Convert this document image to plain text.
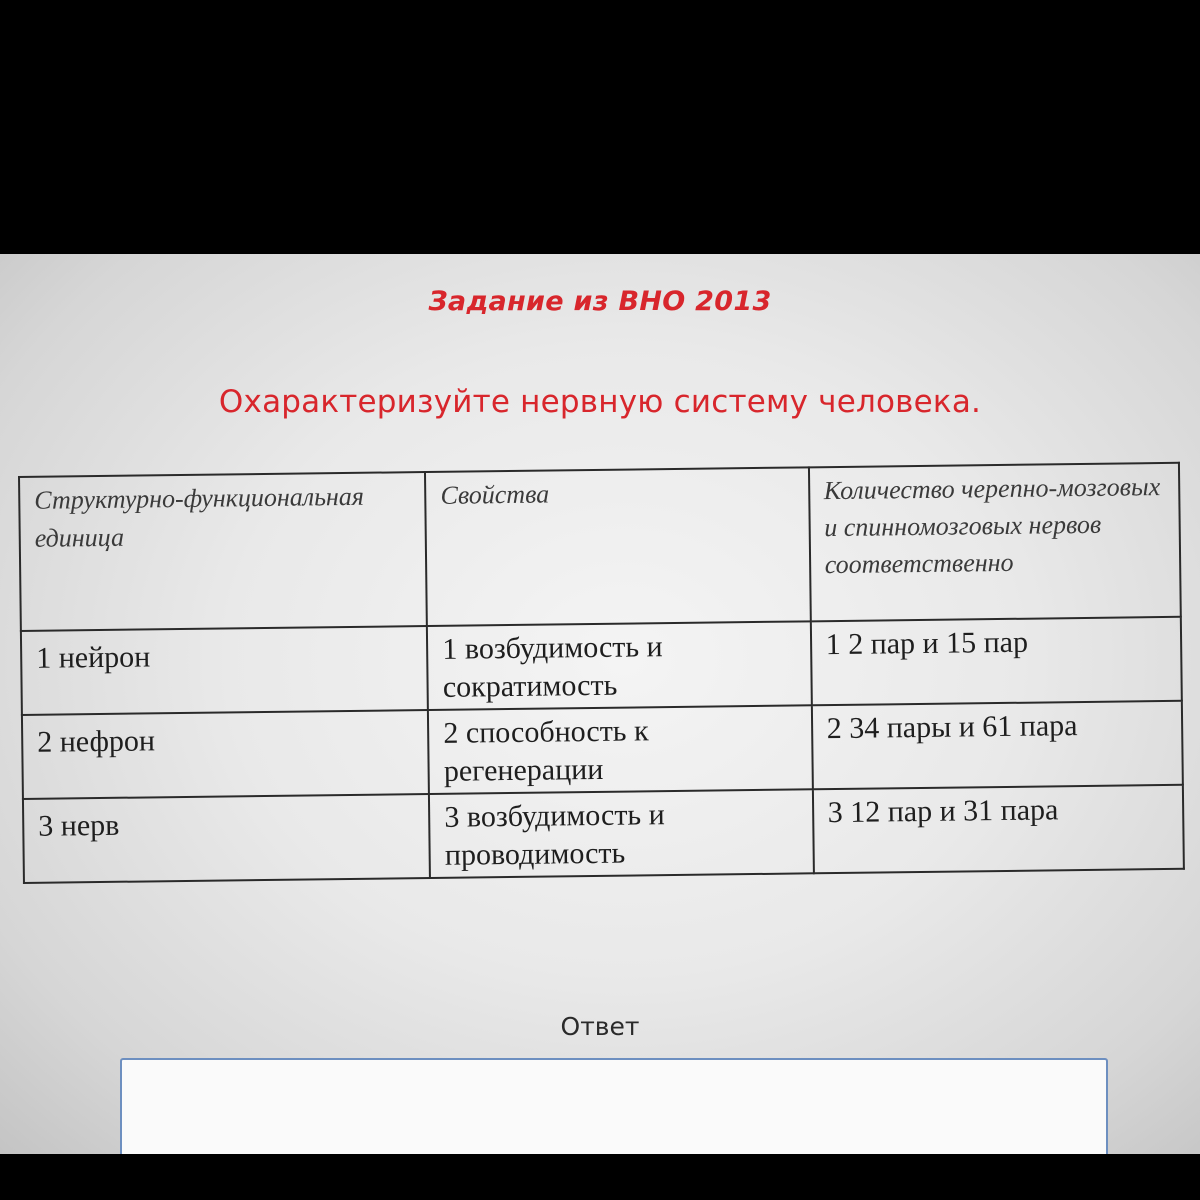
Задание из ВНО 2013
Охарактеризуйте нервную систему человека.
Структурно-функциональная единица	Свойства	Количество черепно-мозговых и спинномозговых нервов соответственно
1 нейрон	1 возбудимость и сократимость	1 2 пар и 15 пар
2 нефрон	2 способность к регенерации	2 34 пары и 61 пара
3 нерв	3 возбудимость и проводимость	3 12 пар и 31 пара
Ответ
